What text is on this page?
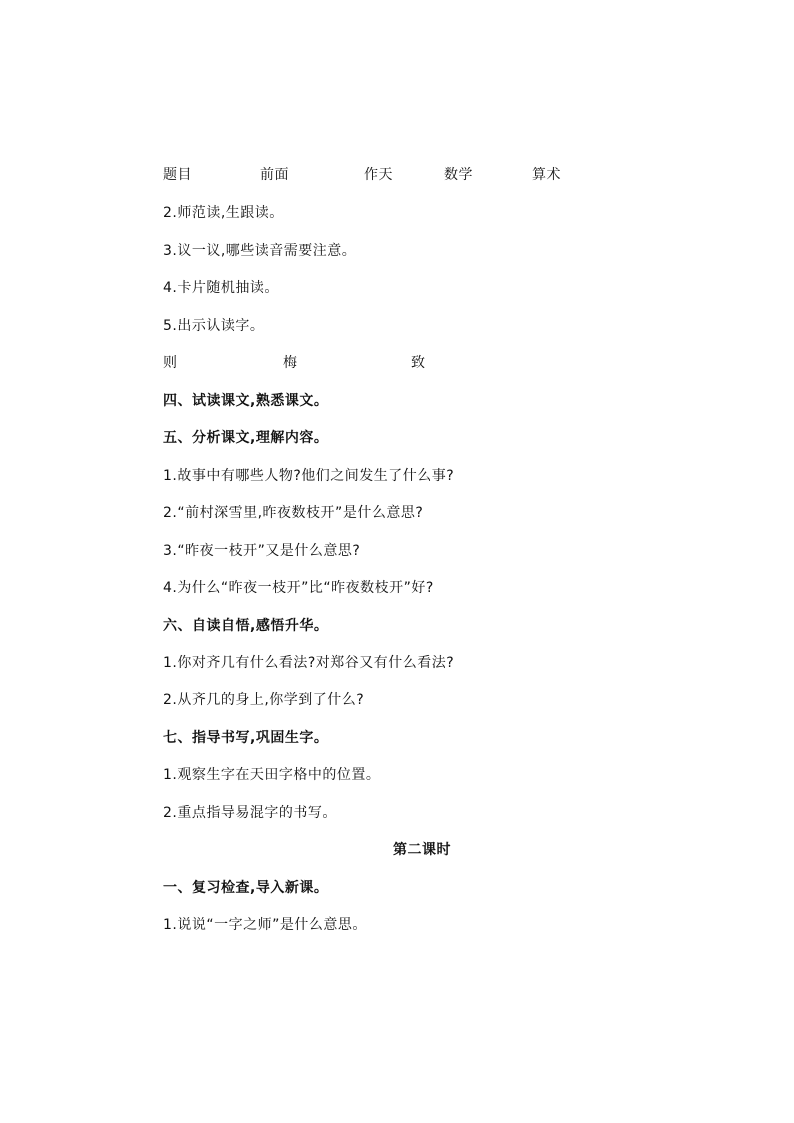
题目	前面	作天	数学	算术

2.师范读,生跟读。

3.议一议,哪些读音需要注意。

4.卡片随机抽读。

5.出示认读字。

则	梅	致

四、试读课文,熟悉课文。

五、分析课文,理解内容。

1.故事中有哪些人物?他们之间发生了什么事?

2.“前村深雪里,昨夜数枝开”是什么意思?

3.“昨夜一枝开”又是什么意思?

4.为什么“昨夜一枝开”比“昨夜数枝开”好?

六、自读自悟,感悟升华。

1.你对齐几有什么看法?对郑谷又有什么看法?

2.从齐几的身上,你学到了什么?

七、指导书写,巩固生字。

1.观察生字在天田字格中的位置。

2.重点指导易混字的书写。

第二课时

一、复习检查,导入新课。

1.说说“一字之师”是什么意思。
